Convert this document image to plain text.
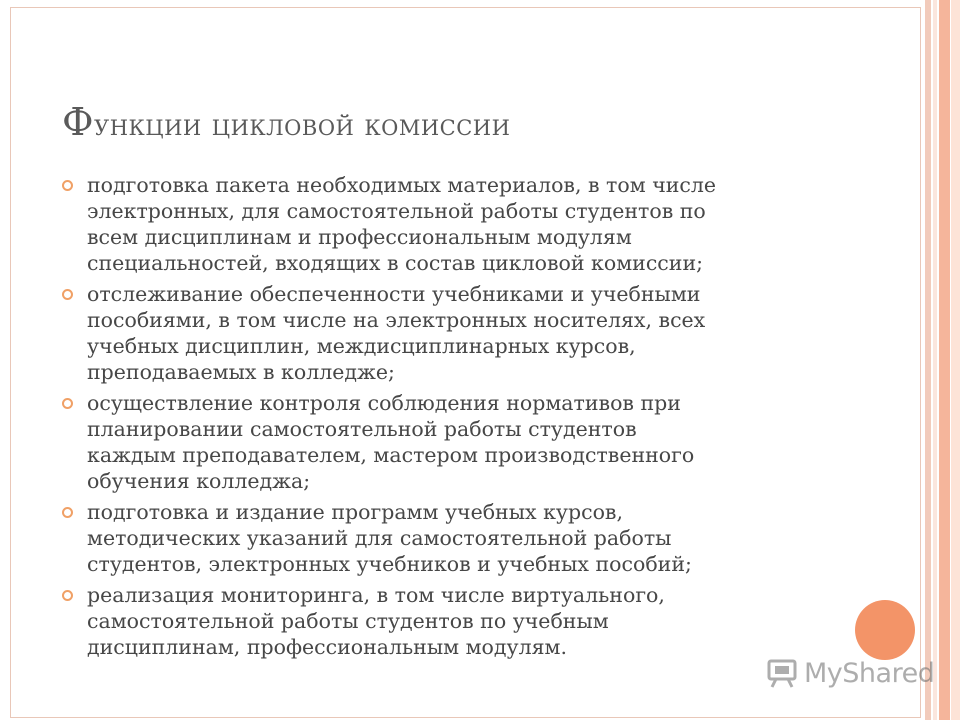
Функции цикловой комиссии
подготовка пакета необходимых материалов, в том числе
электронных, для самостоятельной работы студентов по
всем дисциплинам и профессиональным модулям
специальностей, входящих в состав цикловой комиссии;
отслеживание обеспеченности учебниками и учебными
пособиями, в том числе на электронных носителях, всех
учебных дисциплин, междисциплинарных курсов,
преподаваемых в колледже;
осуществление контроля соблюдения нормативов при
планировании самостоятельной работы студентов
каждым преподавателем, мастером производственного
обучения колледжа;
подготовка и издание программ учебных курсов,
методических указаний для самостоятельной работы
студентов, электронных учебников и учебных пособий;
реализация мониторинга, в том числе виртуального,
самостоятельной работы студентов по учебным
дисциплинам, профессиональным модулям.
MyShared
